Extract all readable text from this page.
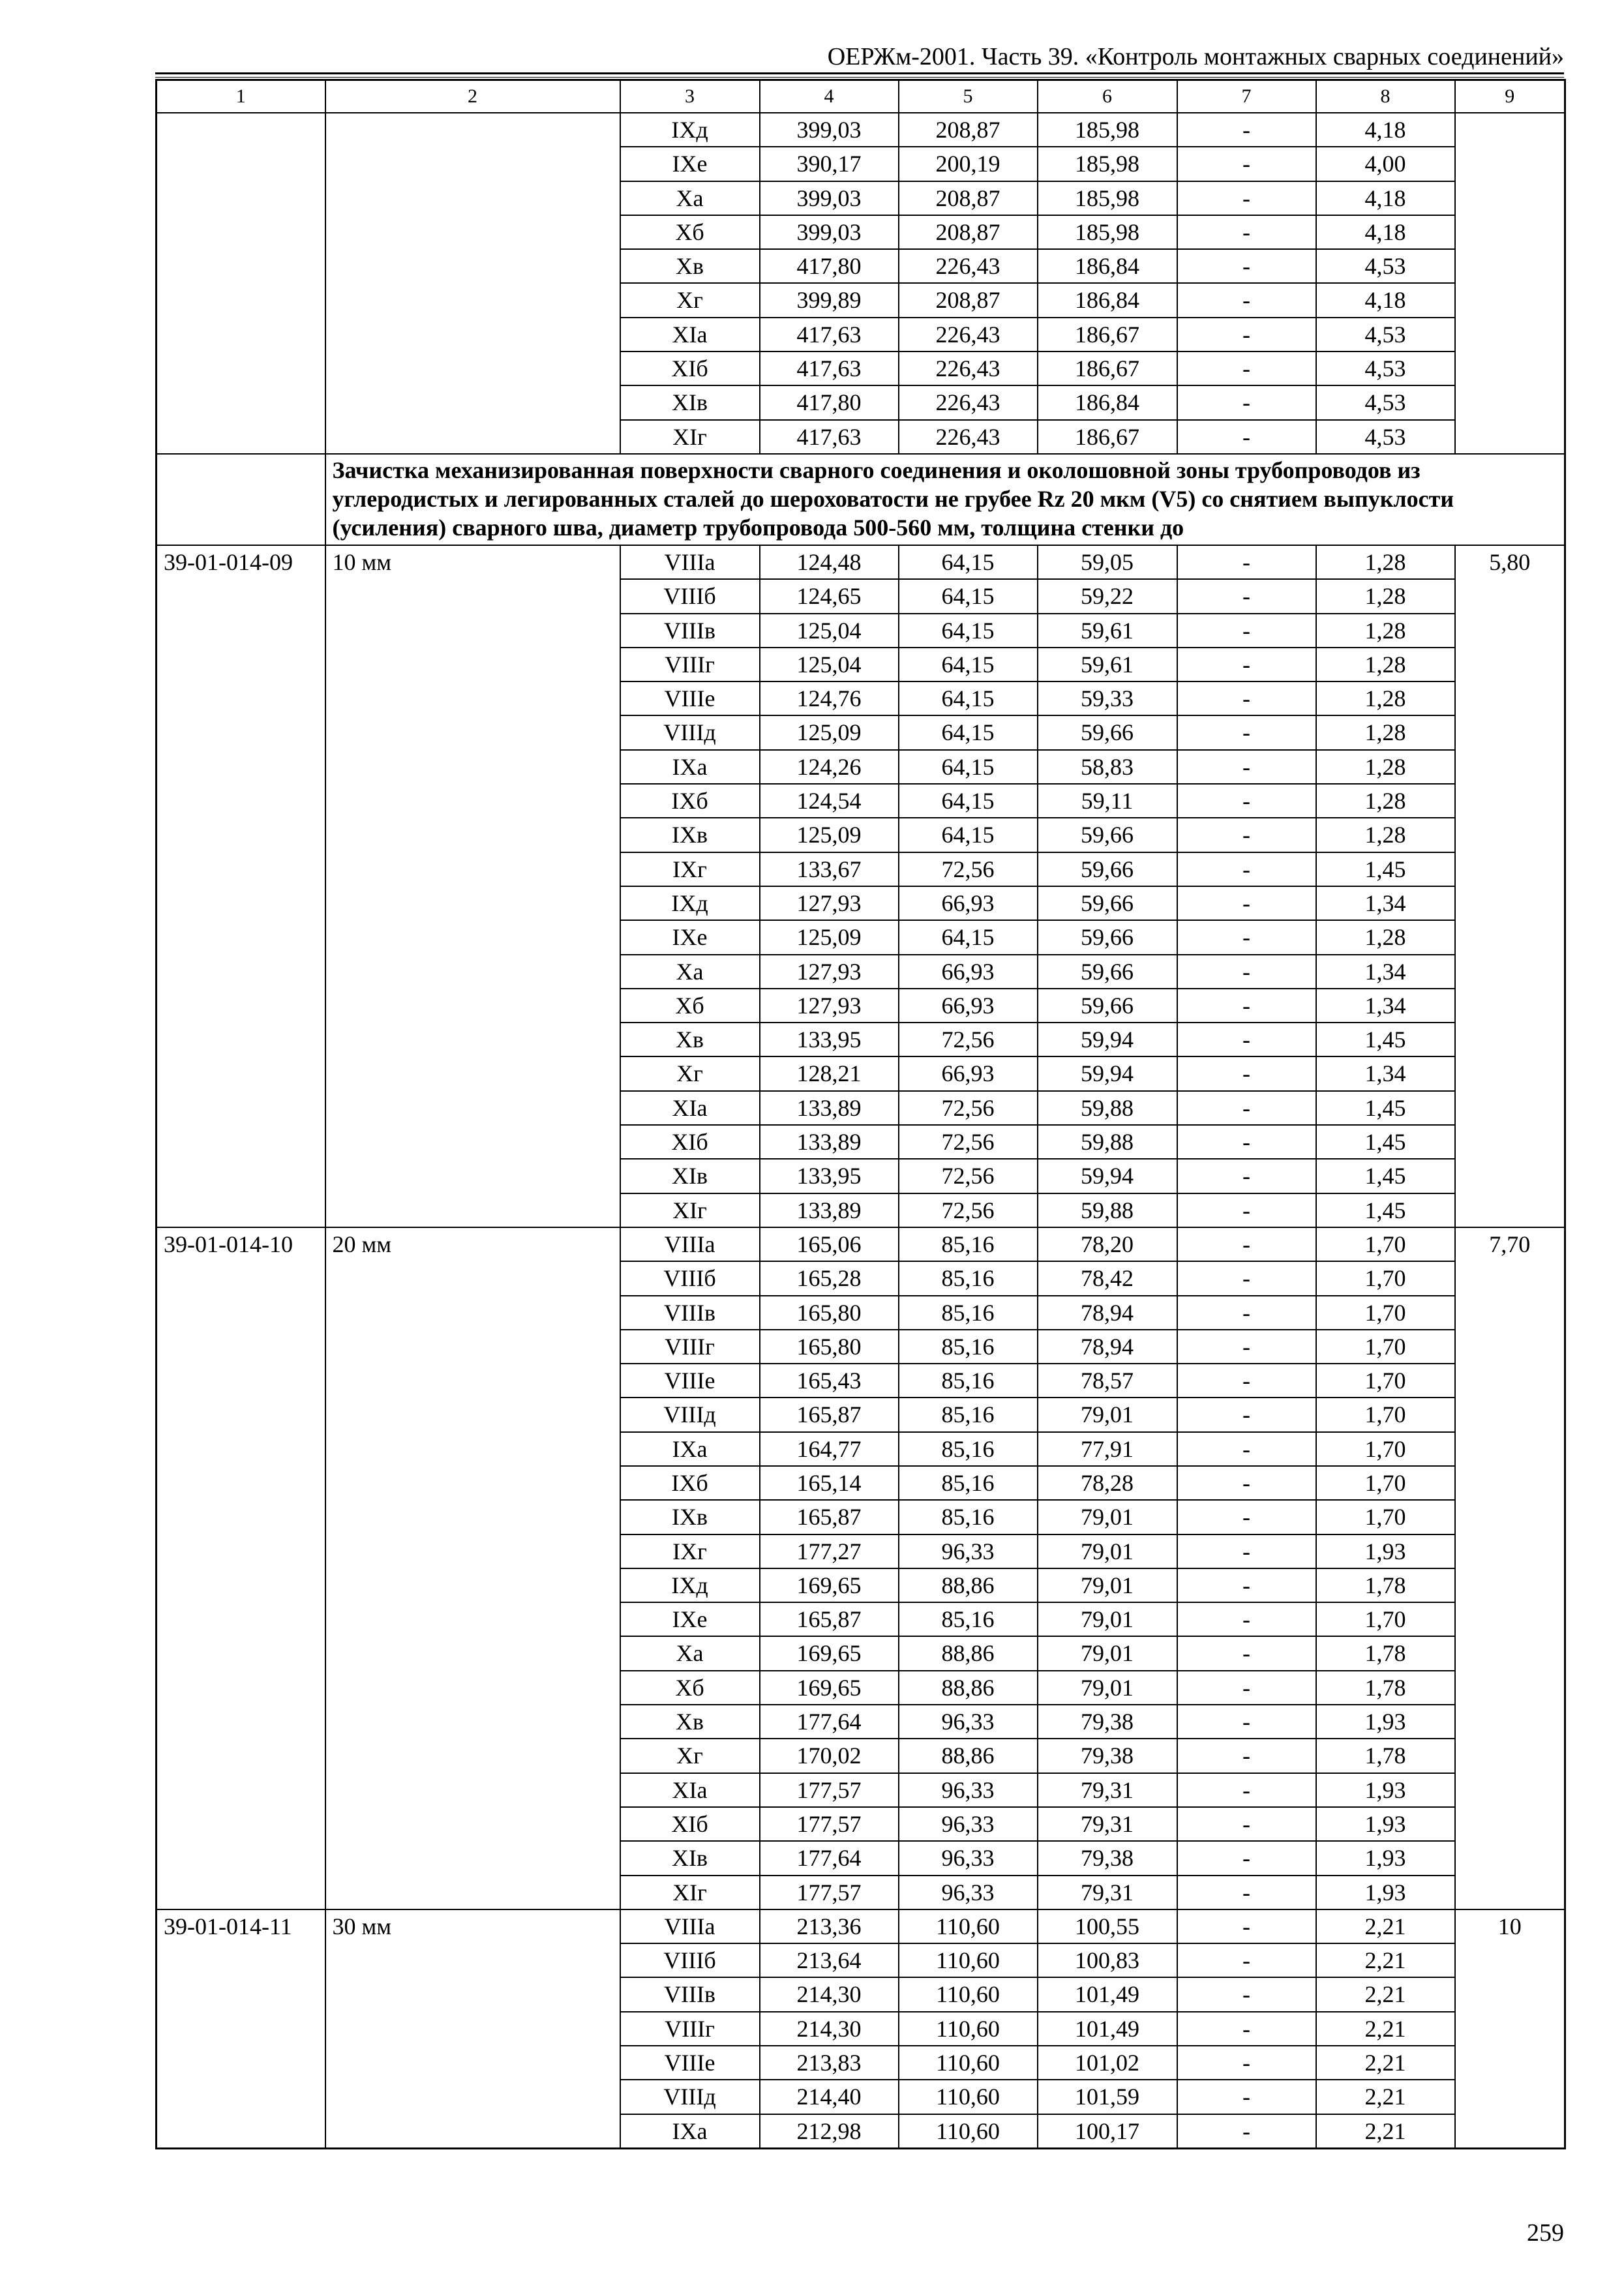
ОЕРЖм-2001. Часть 39. «Контроль монтажных сварных соединений»
1	2	3	4	5	6	7	8	9
		IXд	399,03	208,87	185,98	-	4,18	
		IXе	390,17	200,19	185,98	-	4,00	
		Xа	399,03	208,87	185,98	-	4,18	
		Xб	399,03	208,87	185,98	-	4,18	
		Xв	417,80	226,43	186,84	-	4,53	
		Xг	399,89	208,87	186,84	-	4,18	
		XIа	417,63	226,43	186,67	-	4,53	
		XIб	417,63	226,43	186,67	-	4,53	
		XIв	417,80	226,43	186,84	-	4,53	
		XIг	417,63	226,43	186,67	-	4,53	
	Зачистка механизированная поверхности сварного соединения и околошовной зоны трубопроводов из углеродистых и легированных сталей до шероховатости не грубее Rz 20 мкм (V5) со снятием выпуклости (усиления) сварного шва, диаметр трубопровода 500-560 мм, толщина стенки до							
39-01-014-09	10 мм	VIIIа	124,48	64,15	59,05	-	1,28	5,80
		VIIIб	124,65	64,15	59,22	-	1,28	
		VIIIв	125,04	64,15	59,61	-	1,28	
		VIIIг	125,04	64,15	59,61	-	1,28	
		VIIIе	124,76	64,15	59,33	-	1,28	
		VIIIд	125,09	64,15	59,66	-	1,28	
		IXа	124,26	64,15	58,83	-	1,28	
		IXб	124,54	64,15	59,11	-	1,28	
		IXв	125,09	64,15	59,66	-	1,28	
		IXг	133,67	72,56	59,66	-	1,45	
		IXд	127,93	66,93	59,66	-	1,34	
		IXе	125,09	64,15	59,66	-	1,28	
		Xа	127,93	66,93	59,66	-	1,34	
		Xб	127,93	66,93	59,66	-	1,34	
		Xв	133,95	72,56	59,94	-	1,45	
		Xг	128,21	66,93	59,94	-	1,34	
		XIа	133,89	72,56	59,88	-	1,45	
		XIб	133,89	72,56	59,88	-	1,45	
		XIв	133,95	72,56	59,94	-	1,45	
		XIг	133,89	72,56	59,88	-	1,45	
39-01-014-10	20 мм	VIIIа	165,06	85,16	78,20	-	1,70	7,70
		VIIIб	165,28	85,16	78,42	-	1,70	
		VIIIв	165,80	85,16	78,94	-	1,70	
		VIIIг	165,80	85,16	78,94	-	1,70	
		VIIIе	165,43	85,16	78,57	-	1,70	
		VIIIд	165,87	85,16	79,01	-	1,70	
		IXа	164,77	85,16	77,91	-	1,70	
		IXб	165,14	85,16	78,28	-	1,70	
		IXв	165,87	85,16	79,01	-	1,70	
		IXг	177,27	96,33	79,01	-	1,93	
		IXд	169,65	88,86	79,01	-	1,78	
		IXе	165,87	85,16	79,01	-	1,70	
		Xа	169,65	88,86	79,01	-	1,78	
		Xб	169,65	88,86	79,01	-	1,78	
		Xв	177,64	96,33	79,38	-	1,93	
		Xг	170,02	88,86	79,38	-	1,78	
		XIа	177,57	96,33	79,31	-	1,93	
		XIб	177,57	96,33	79,31	-	1,93	
		XIв	177,64	96,33	79,38	-	1,93	
		XIг	177,57	96,33	79,31	-	1,93	
39-01-014-11	30 мм	VIIIа	213,36	110,60	100,55	-	2,21	10
		VIIIб	213,64	110,60	100,83	-	2,21	
		VIIIв	214,30	110,60	101,49	-	2,21	
		VIIIг	214,30	110,60	101,49	-	2,21	
		VIIIе	213,83	110,60	101,02	-	2,21	
		VIIIд	214,40	110,60	101,59	-	2,21	
		IXа	212,98	110,60	100,17	-	2,21	
259
